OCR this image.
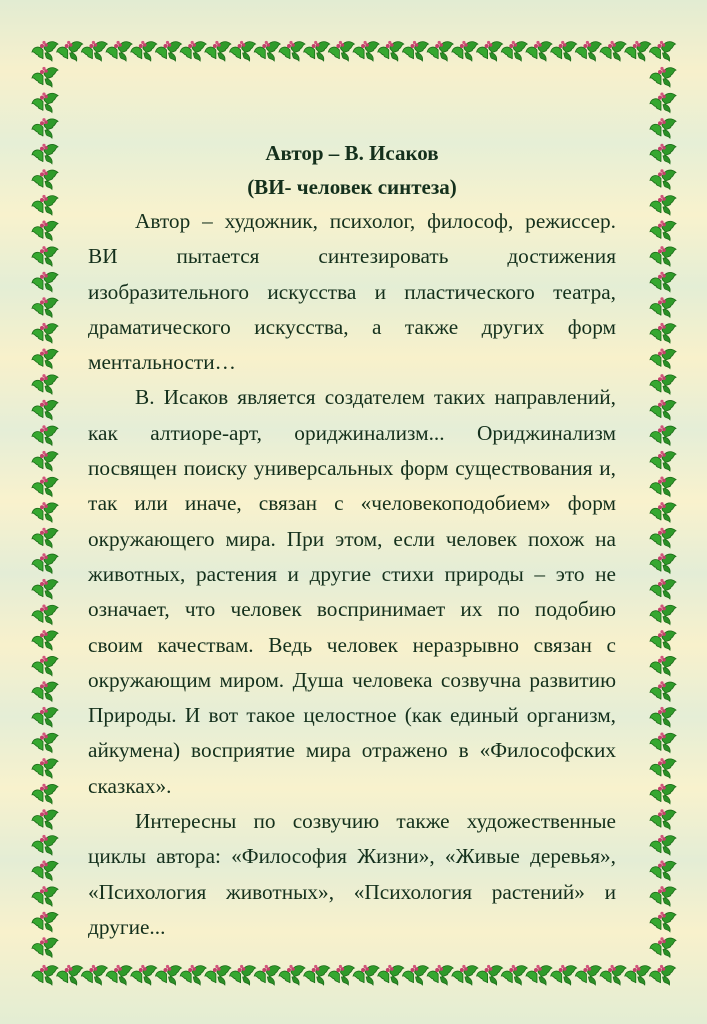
Автор – В. Исаков

(ВИ- человек синтеза)

Автор – художник, психолог, философ, режиссер. ВИ пытается синтезировать достижения изобразительного искусства и пластического театра, драматического искусства, а также других форм ментальности…

В. Исаков является создателем таких направлений, как алтиоре-арт, ориджинализм... Ориджинализм посвящен поиску универсальных форм существования и, так или иначе, связан с «человекоподобием» форм окружающего мира. При этом, если человек похож на животных, растения и другие стихи природы – это не означает, что человек воспринимает их по подобию своим качествам. Ведь человек неразрывно связан с окружающим миром. Душа человека созвучна развитию Природы. И вот такое целостное (как единый организм, айкумена) восприятие мира отражено в «Философских сказках».

Интересны по созвучию также художественные циклы автора: «Философия Жизни», «Живые деревья», «Психология животных», «Психология растений» и другие...
